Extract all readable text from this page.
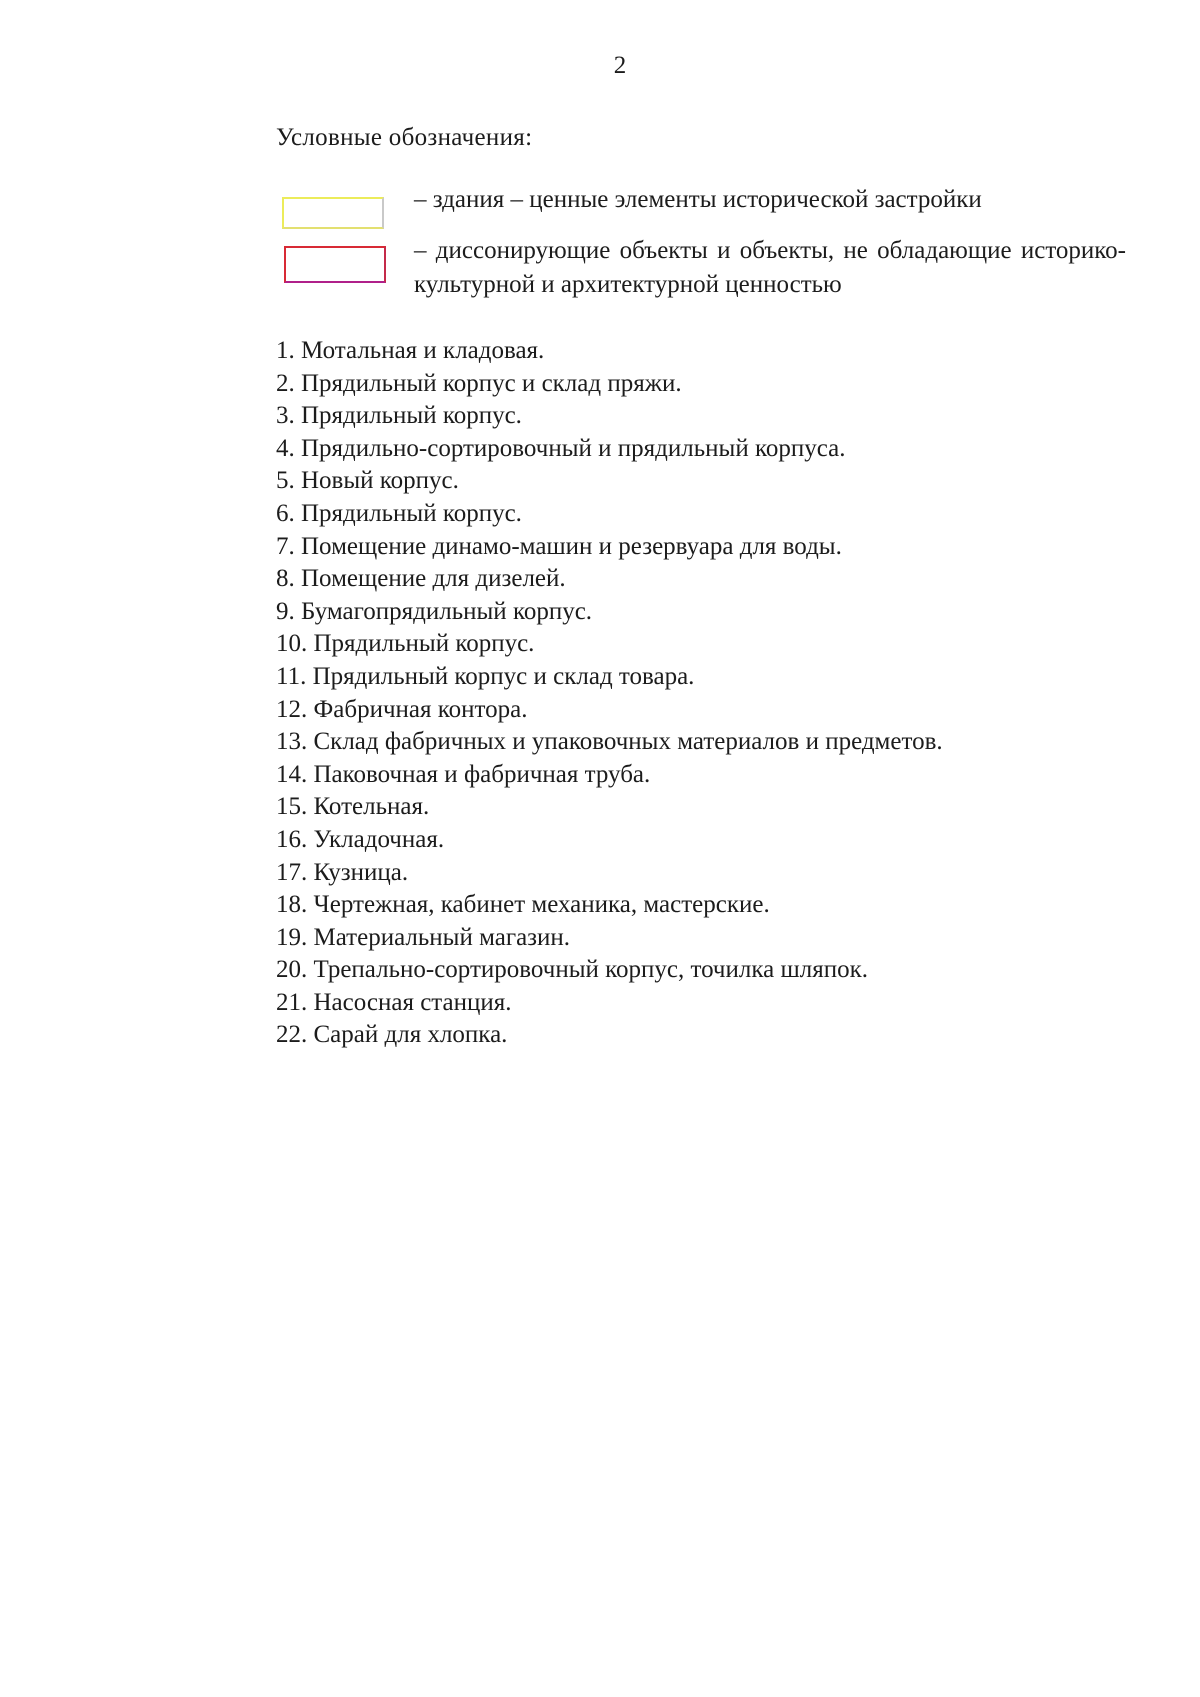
2
Условные обозначения:
– здания – ценные элементы исторической застройки
– диссонирующие объекты и объекты, не обладающие историко-культурной и архитектурной ценностью
1. Мотальная и кладовая.
2. Прядильный корпус и склад пряжи.
3. Прядильный корпус.
4. Прядильно-сортировочный и прядильный корпуса.
5. Новый корпус.
6. Прядильный корпус.
7. Помещение динамо-машин и резервуара для воды.
8. Помещение для дизелей.
9. Бумагопрядильный корпус.
10. Прядильный корпус.
11. Прядильный корпус и склад товара.
12. Фабричная контора.
13. Склад фабричных и упаковочных материалов и предметов.
14. Паковочная и фабричная труба.
15. Котельная.
16. Укладочная.
17. Кузница.
18. Чертежная, кабинет механика, мастерские.
19. Материальный магазин.
20. Трепально-сортировочный корпус, точилка шляпок.
21. Насосная станция.
22. Сарай для хлопка.
